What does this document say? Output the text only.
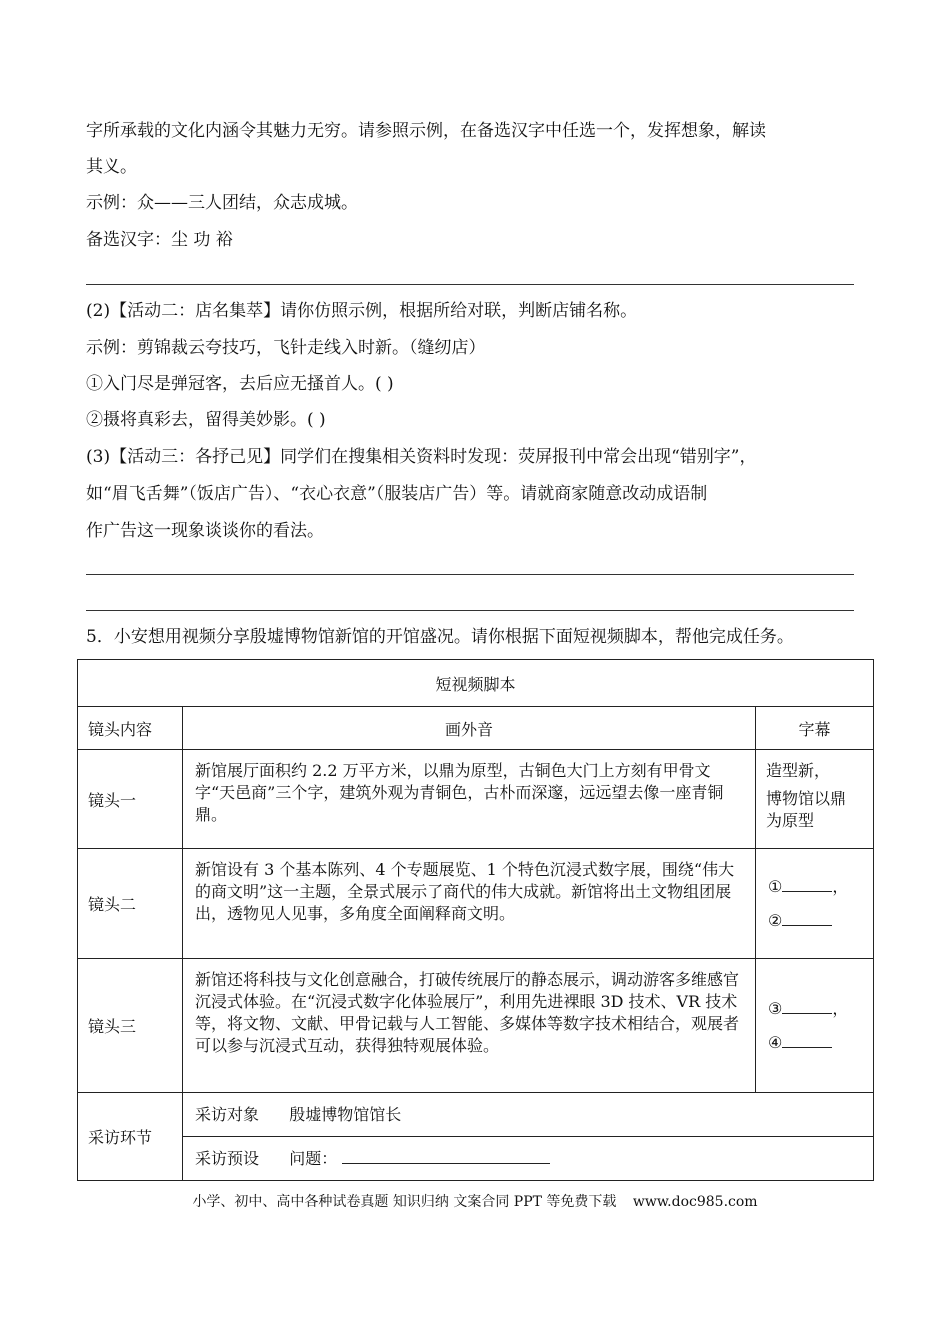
字所承载的文化内涵令其魅力无穷。请参照示例，在备选汉字中任选一个，发挥想象，解读
其义。
示例：众——三人团结，众志成城。
备选汉字：尘 功 裕
(2)【活动二：店名集萃】请你仿照示例，根据所给对联，判断店铺名称。
示例：剪锦裁云夸技巧，飞针走线入时新。（缝纫店）
①入门尽是弹冠客，去后应无搔首人。( )
②摄将真彩去，留得美妙影。( )
(3)【活动三：各抒己见】同学们在搜集相关资料时发现：荧屏报刊中常会出现“错别字”，
如“眉飞舌舞”（饭店广告）、“衣心衣意”（服装店广告）等。请就商家随意改动成语制
作广告这一现象谈谈你的看法。
5．小安想用视频分享殷墟博物馆新馆的开馆盛况。请你根据下面短视频脚本，帮他完成任务。
短视频脚本		
镜头内容	画外音	字幕
镜头一	新馆展厅面积约 2.2 万平方米，以鼎为原型，古铜色大门上方刻有甲骨文字“天邑商”三个字，建筑外观为青铜色，古朴而深邃，远远望去像一座青铜鼎。	造型新，
博物馆以鼎为原型

镜头二	新馆设有 3 个基本陈列、4 个专题展览、1 个特色沉浸式数字展，围绕“伟大的商文明”这一主题，全景式展示了商代的伟大成就。新馆将出土文物组团展出，透物见人见事，多角度全面阐释商文明。	① ，
②

镜头三	新馆还将科技与文化创意融合，打破传统展厅的静态展示，调动游客多维感官沉浸式体验。在“沉浸式数字化体验展厅”，利用先进裸眼 3D 技术、VR 技术等，将文物、文献、甲骨记载与人工智能、多媒体等数字技术相结合，观展者可以参与沉浸式互动，获得独特观展体验。	③ ，
④

采访环节	采访对象 殷墟博物馆馆长	
	采访预设 问题：	
小学、初中、高中各种试卷真题 知识归纳 文案合同 PPT 等免费下载 www.doc985.com
